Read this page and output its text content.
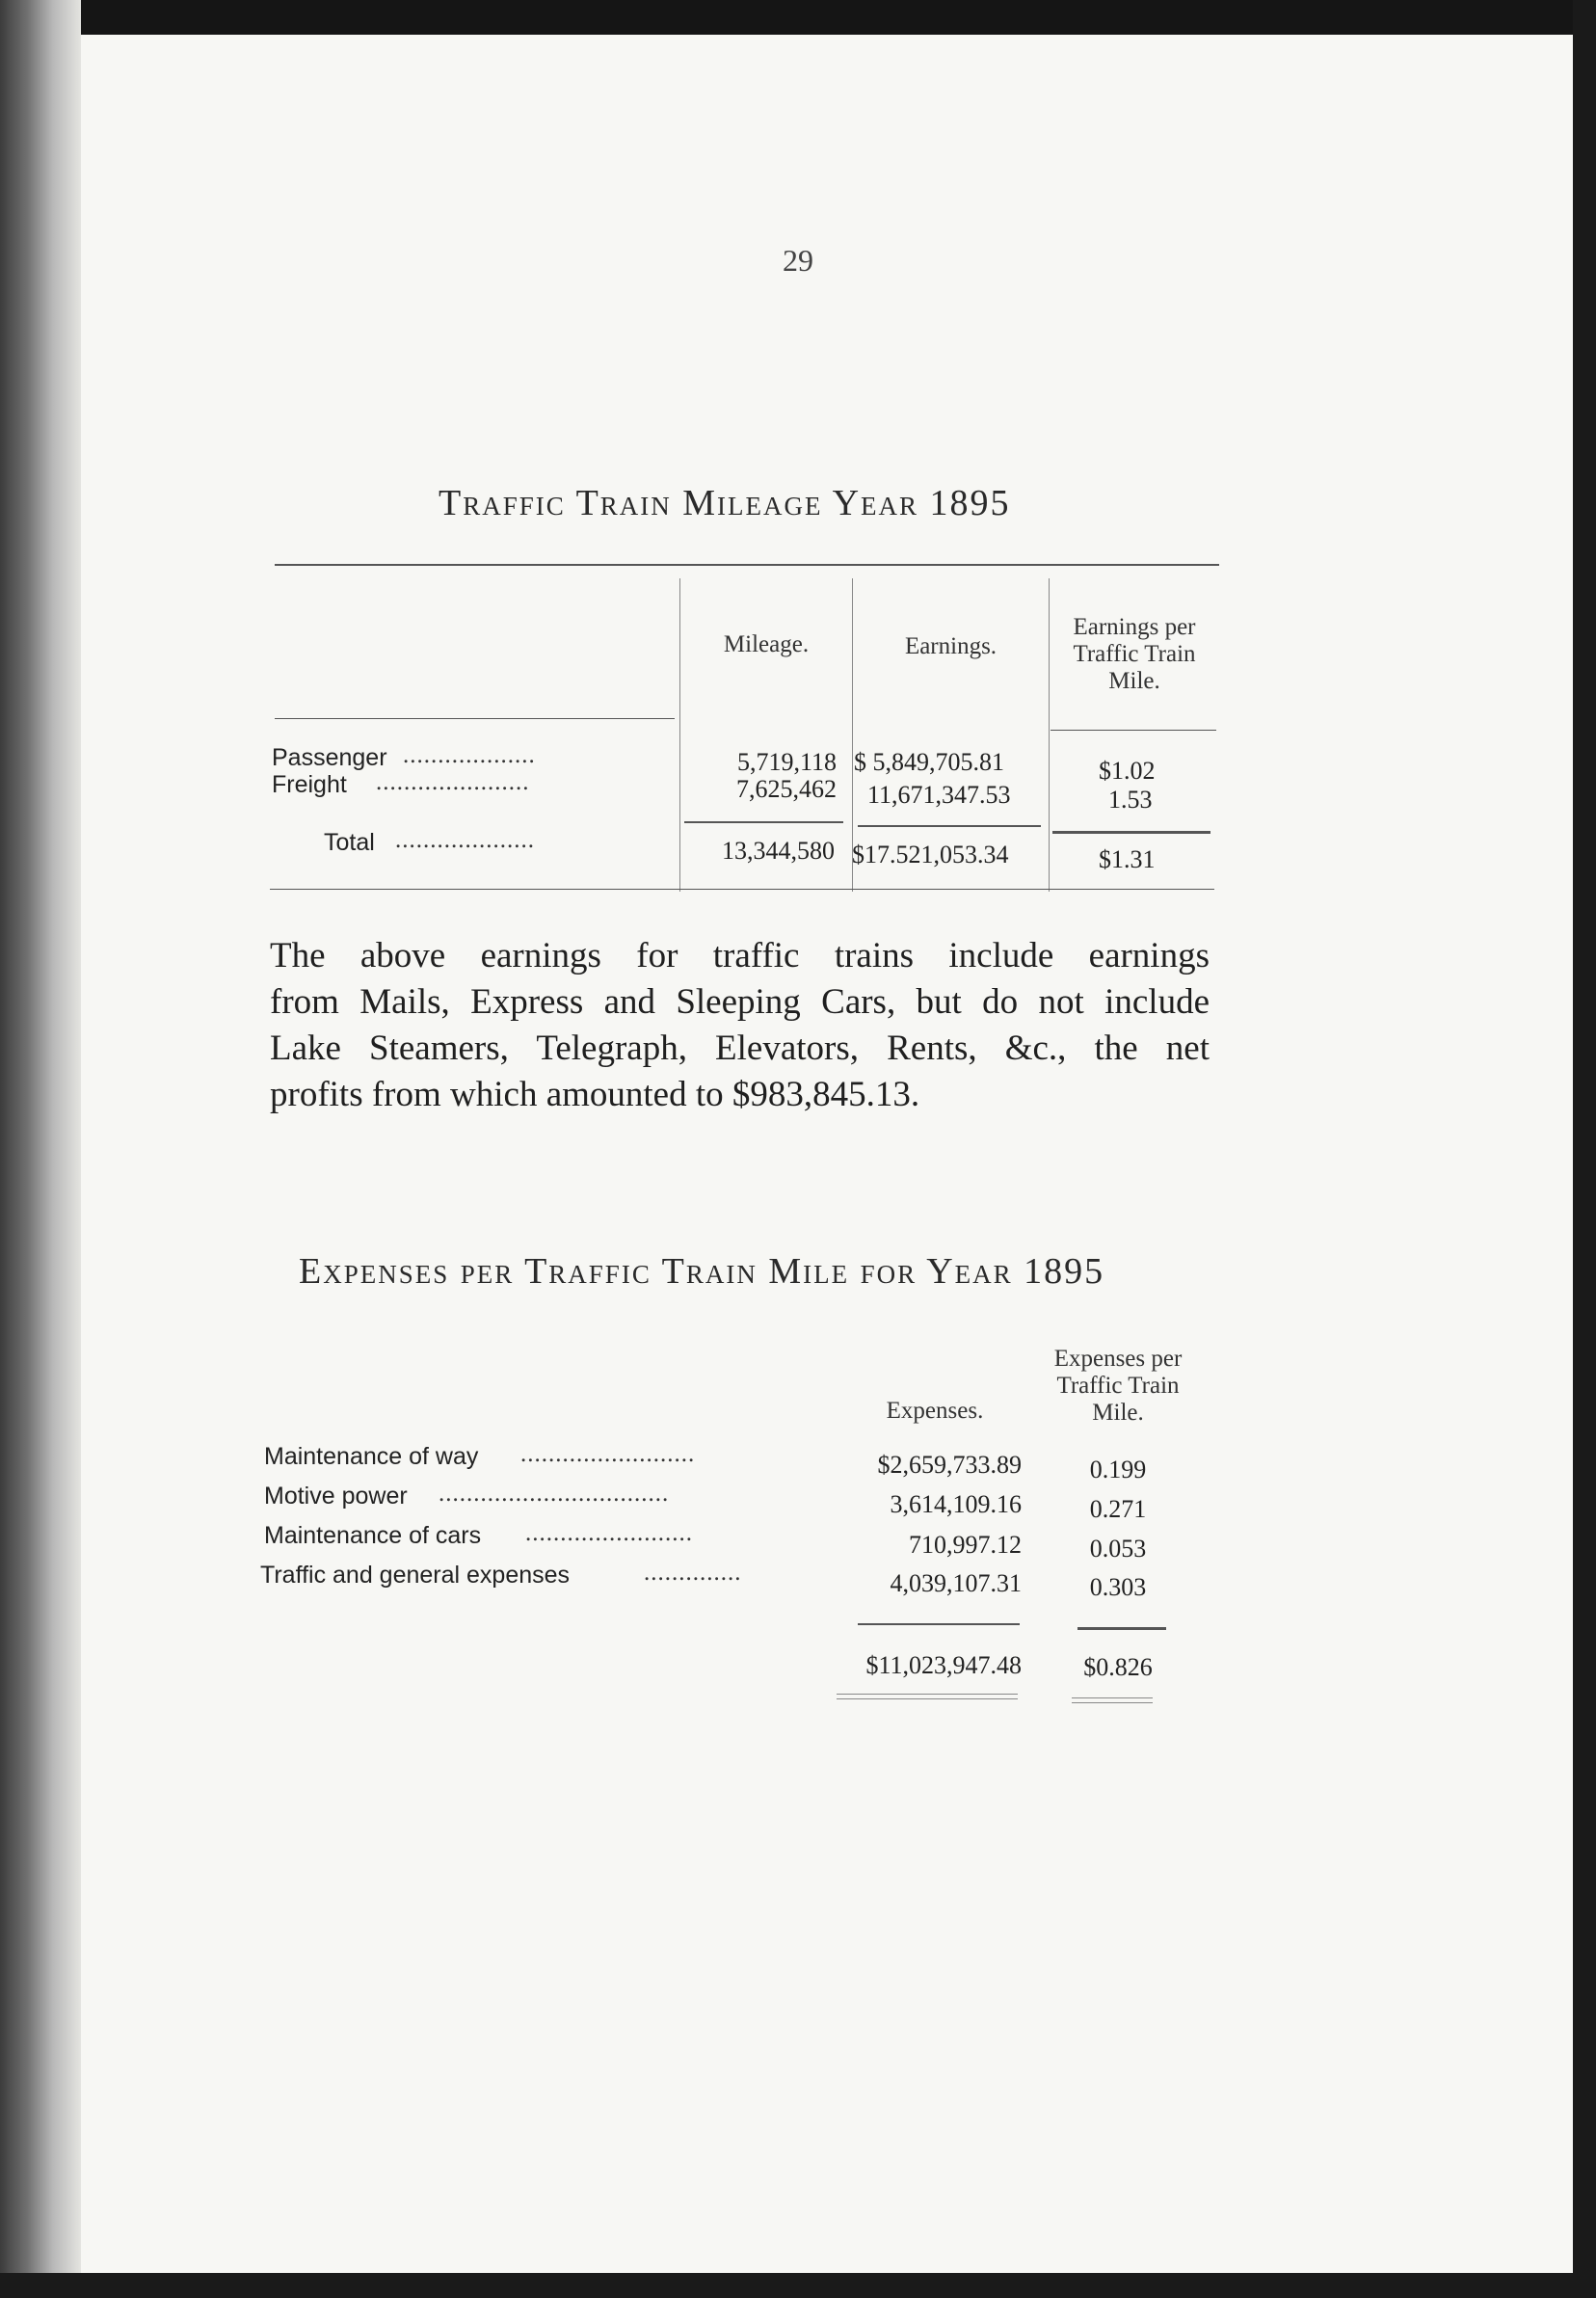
29
Traffic Train Mileage Year 1895
Mileage.	Earnings.
Earnings per
Traffic Train
Mile.
Passenger ...................	5,719,118 $ 5,849,705.81	$1.02
Freight ......................	7,625,462 11,671,347.53	1.53
Total ....................	13,344,580 $17.521,053.34	$1.31
The above earnings for traffic trains include earnings
from Mails, Express and Sleeping Cars, but do not include
Lake Steamers, Telegraph, Elevators, Rents, &c., the net
profits from which amounted to $983,845.13.
Expenses per Traffic Train Mile for Year 1895
Expenses.
Expenses per
Traffic Train
Mile.
Maintenance of way .........................	$2,659,733.89	0.199
Motive power .................................	3,614,109.16	0.271
Maintenance of cars ........................	710,997.12	0.053
Traffic and general expenses	..............	4,039,107.31	0.303
$11,023,947.48	$0.826
